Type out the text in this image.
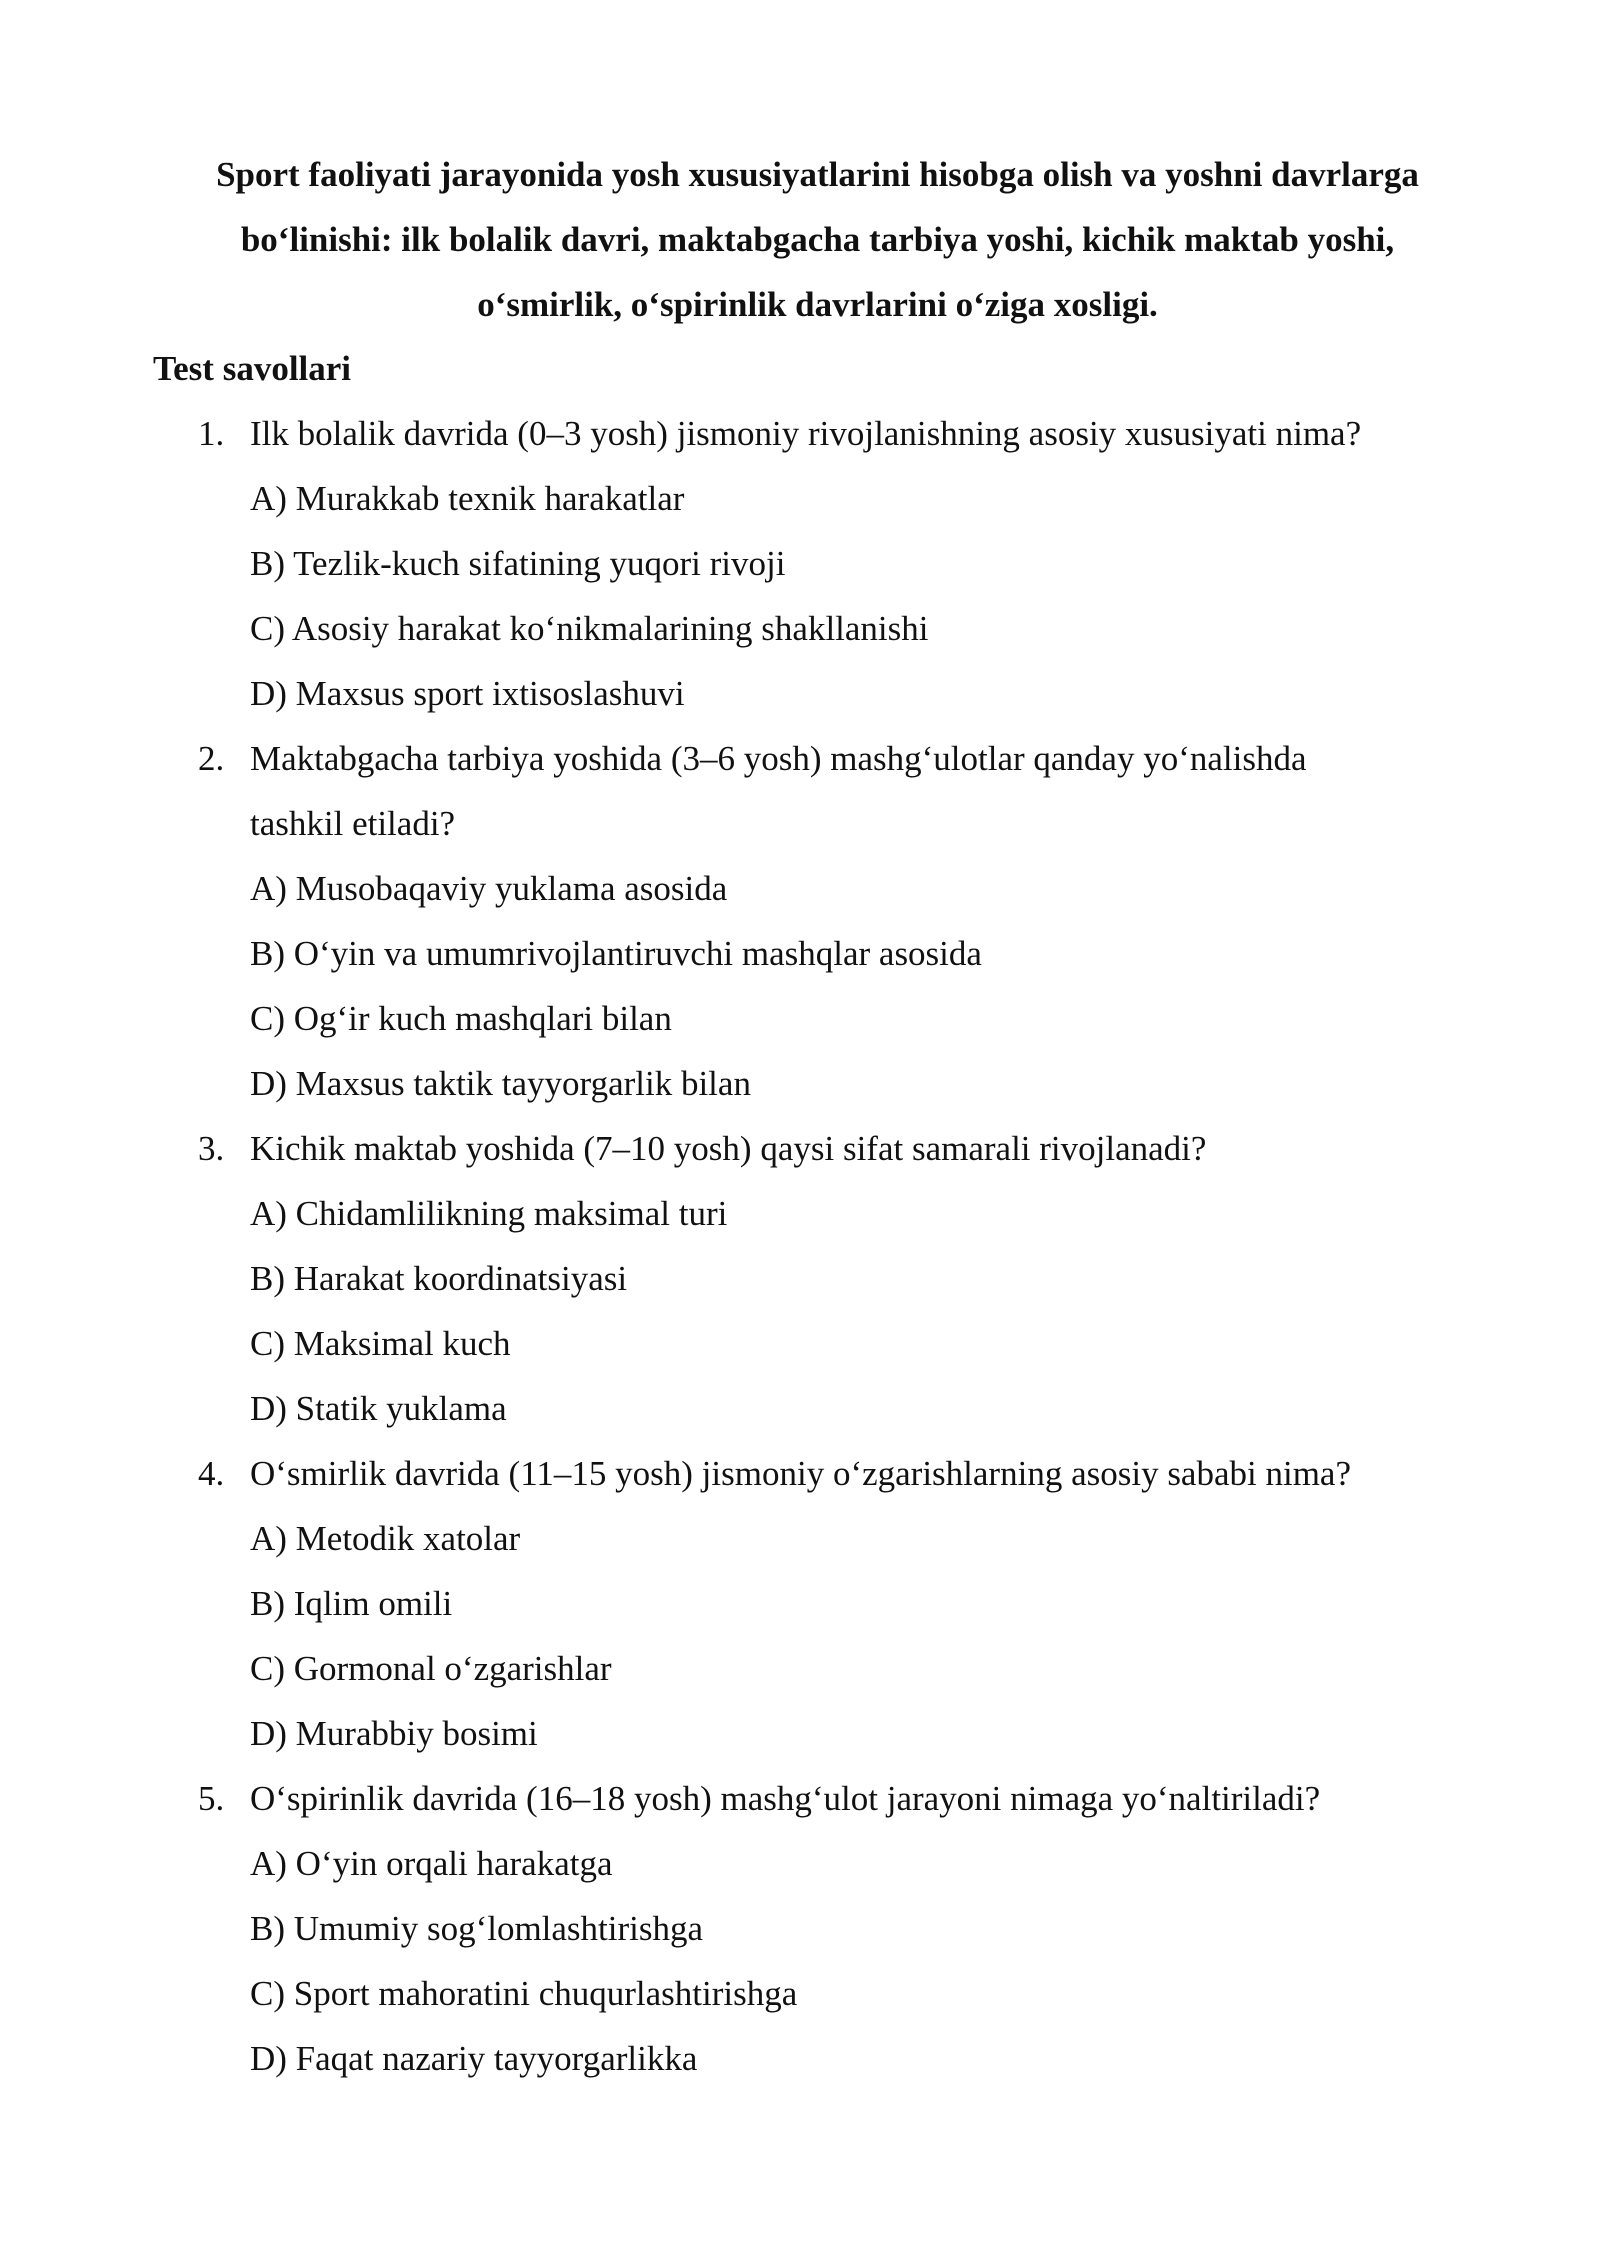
Sport faoliyati jarayonida yosh xususiyatlarini hisobga olish va yoshni davrlarga
bo‘linishi: ilk bolalik davri, maktabgacha tarbiya yoshi, kichik maktab yoshi,
o‘smirlik, o‘spirinlik davrlarini o‘ziga xosligi.
Test savollari
1. Ilk bolalik davrida (0–3 yosh) jismoniy rivojlanishning asosiy xususiyati nima?
A) Murakkab texnik harakatlar
B) Tezlik-kuch sifatining yuqori rivoji
C) Asosiy harakat ko‘nikmalarining shakllanishi
D) Maxsus sport ixtisoslashuvi
2. Maktabgacha tarbiya yoshida (3–6 yosh) mashg‘ulotlar qanday yo‘nalishda
tashkil etiladi?
A) Musobaqaviy yuklama asosida
B) O‘yin va umumrivojlantiruvchi mashqlar asosida
C) Og‘ir kuch mashqlari bilan
D) Maxsus taktik tayyorgarlik bilan
3. Kichik maktab yoshida (7–10 yosh) qaysi sifat samarali rivojlanadi?
A) Chidamlilikning maksimal turi
B) Harakat koordinatsiyasi
C) Maksimal kuch
D) Statik yuklama
4. O‘smirlik davrida (11–15 yosh) jismoniy o‘zgarishlarning asosiy sababi nima?
A) Metodik xatolar
B) Iqlim omili
C) Gormonal o‘zgarishlar
D) Murabbiy bosimi
5. O‘spirinlik davrida (16–18 yosh) mashg‘ulot jarayoni nimaga yo‘naltiriladi?
A) O‘yin orqali harakatga
B) Umumiy sog‘lomlashtirishga
C) Sport mahoratini chuqurlashtirishga
D) Faqat nazariy tayyorgarlikka
